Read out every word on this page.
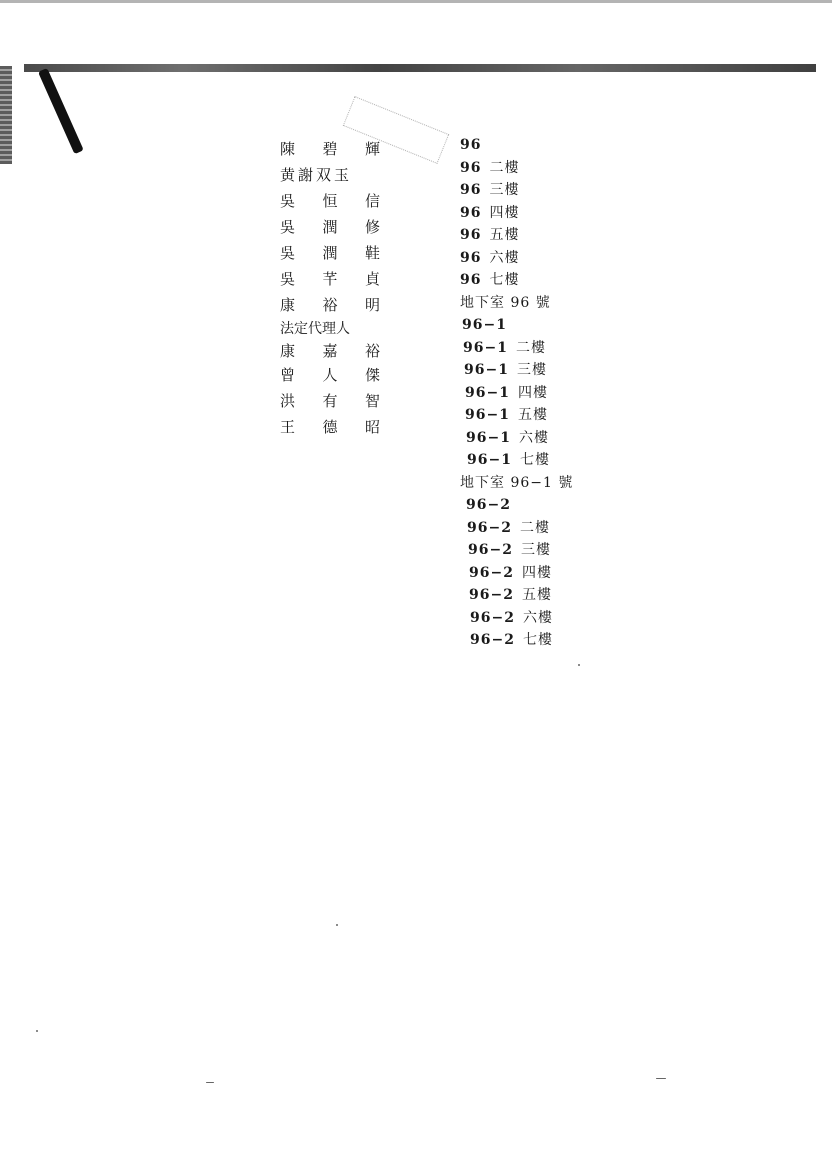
陳 碧 輝
黄謝双玉
吳 恒 信
吳 潤 修
吳 潤 鞋
吳 芊 貞
康 裕 明
法定代理人
康 嘉 裕
曾 人 傑
洪 有 智
王 德 昭
96
96 二樓
96 三樓
96 四樓
96 五樓
96 六樓
96 七樓
地下室 96 號
96−1
96−1 二樓
96−1 三樓
96−1 四樓
96−1 五樓
96−1 六樓
96−1 七樓
地下室 96−1 號
96−2
96−2 二樓
96−2 三樓
96−2 四樓
96−2 五樓
96−2 六樓
96−2 七樓
